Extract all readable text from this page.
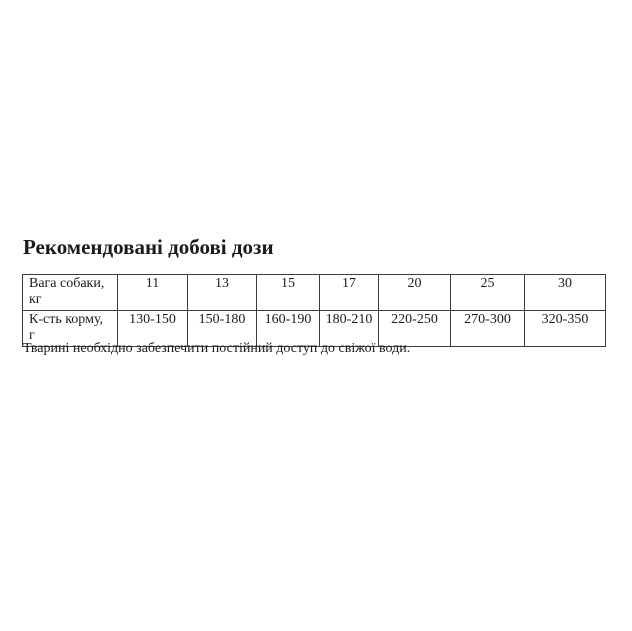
Рекомендовані добові дози
Вага собаки,
кг	11	13	15	17	20	25	30
К-сть корму,
г	130-150	150-180	160-190	180-210	220-250	270-300	320-350

Тварині необхідно забезпечити постійний доступ до свіжої води.
